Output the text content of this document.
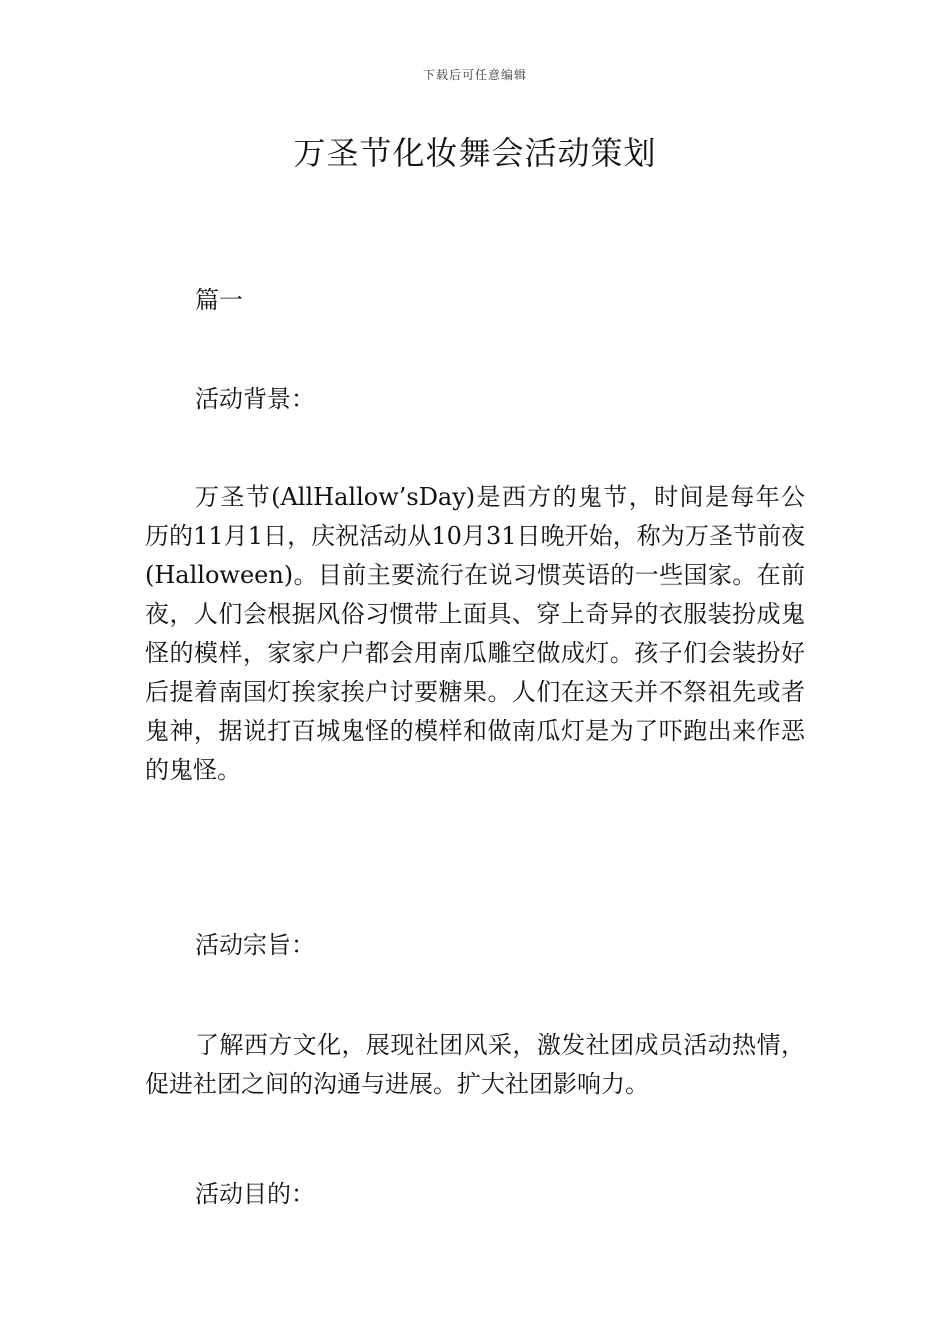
下载后可任意编辑
万圣节化妆舞会活动策划

篇一

活动背景：

万圣节(AllHallow’sDay)是西方的鬼节，时间是每年公历的11月1日，庆祝活动从10月31日晚开始，称为万圣节前夜(Halloween)。目前主要流行在说习惯英语的一些国家。在前夜，人们会根据风俗习惯带上面具、穿上奇异的衣服装扮成鬼怪的模样，家家户户都会用南瓜雕空做成灯。孩子们会装扮好后提着南国灯挨家挨户讨要糖果。人们在这天并不祭祖先或者鬼神，据说打百城鬼怪的模样和做南瓜灯是为了吓跑出来作恶的鬼怪。

活动宗旨：

了解西方文化，展现社团风采，激发社团成员活动热情，促进社团之间的沟通与进展。扩大社团影响力。

活动目的：
